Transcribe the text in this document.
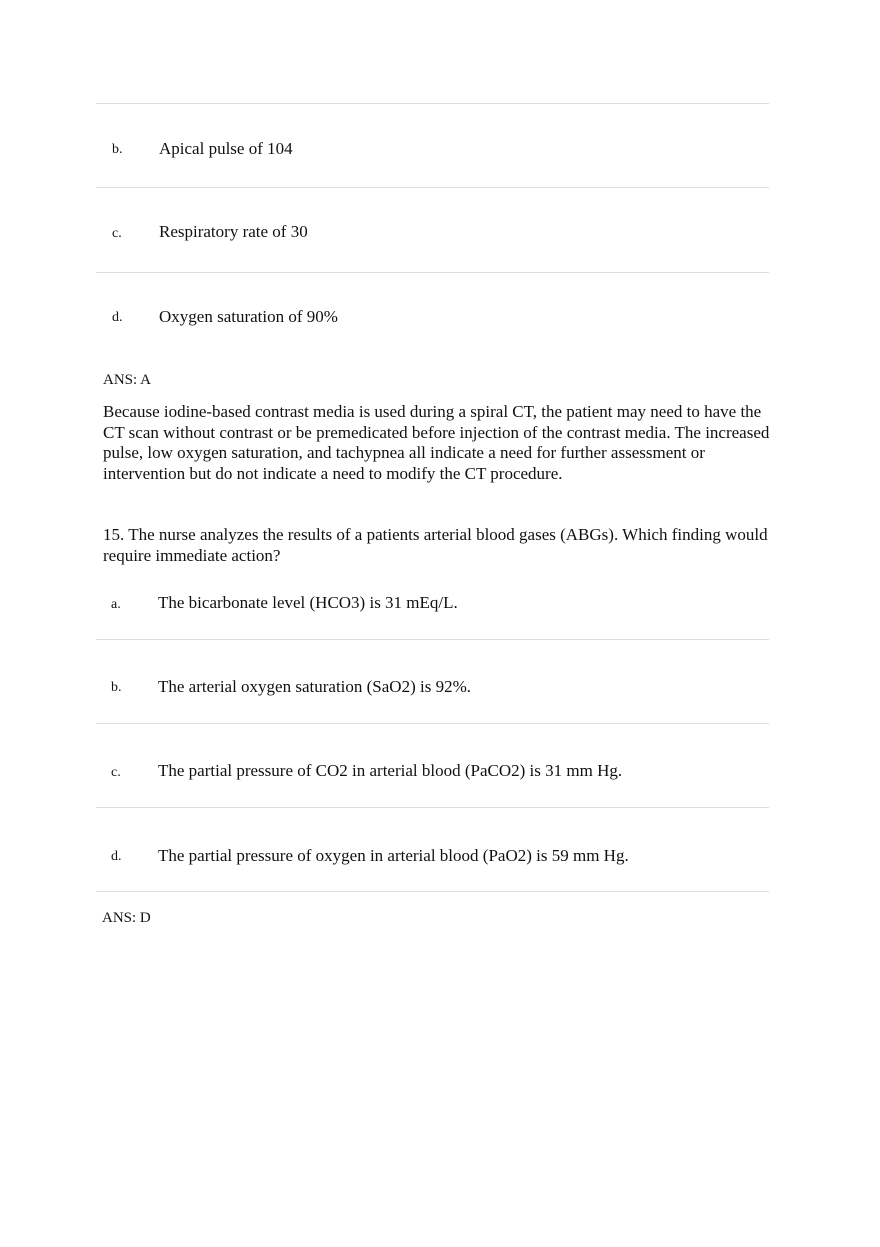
b. Apical pulse of 104
c. Respiratory rate of 30
d. Oxygen saturation of 90%
ANS: A
Because iodine-based contrast media is used during a spiral CT, the patient may need to have the CT scan without contrast or be premedicated before injection of the contrast media. The increased pulse, low oxygen saturation, and tachypnea all indicate a need for further assessment or intervention but do not indicate a need to modify the CT procedure.
15. The nurse analyzes the results of a patients arterial blood gases (ABGs). Which finding would require immediate action?
a. The bicarbonate level (HCO3) is 31 mEq/L.
b. The arterial oxygen saturation (SaO2) is 92%.
c. The partial pressure of CO2 in arterial blood (PaCO2) is 31 mm Hg.
d. The partial pressure of oxygen in arterial blood (PaO2) is 59 mm Hg.
ANS: D
